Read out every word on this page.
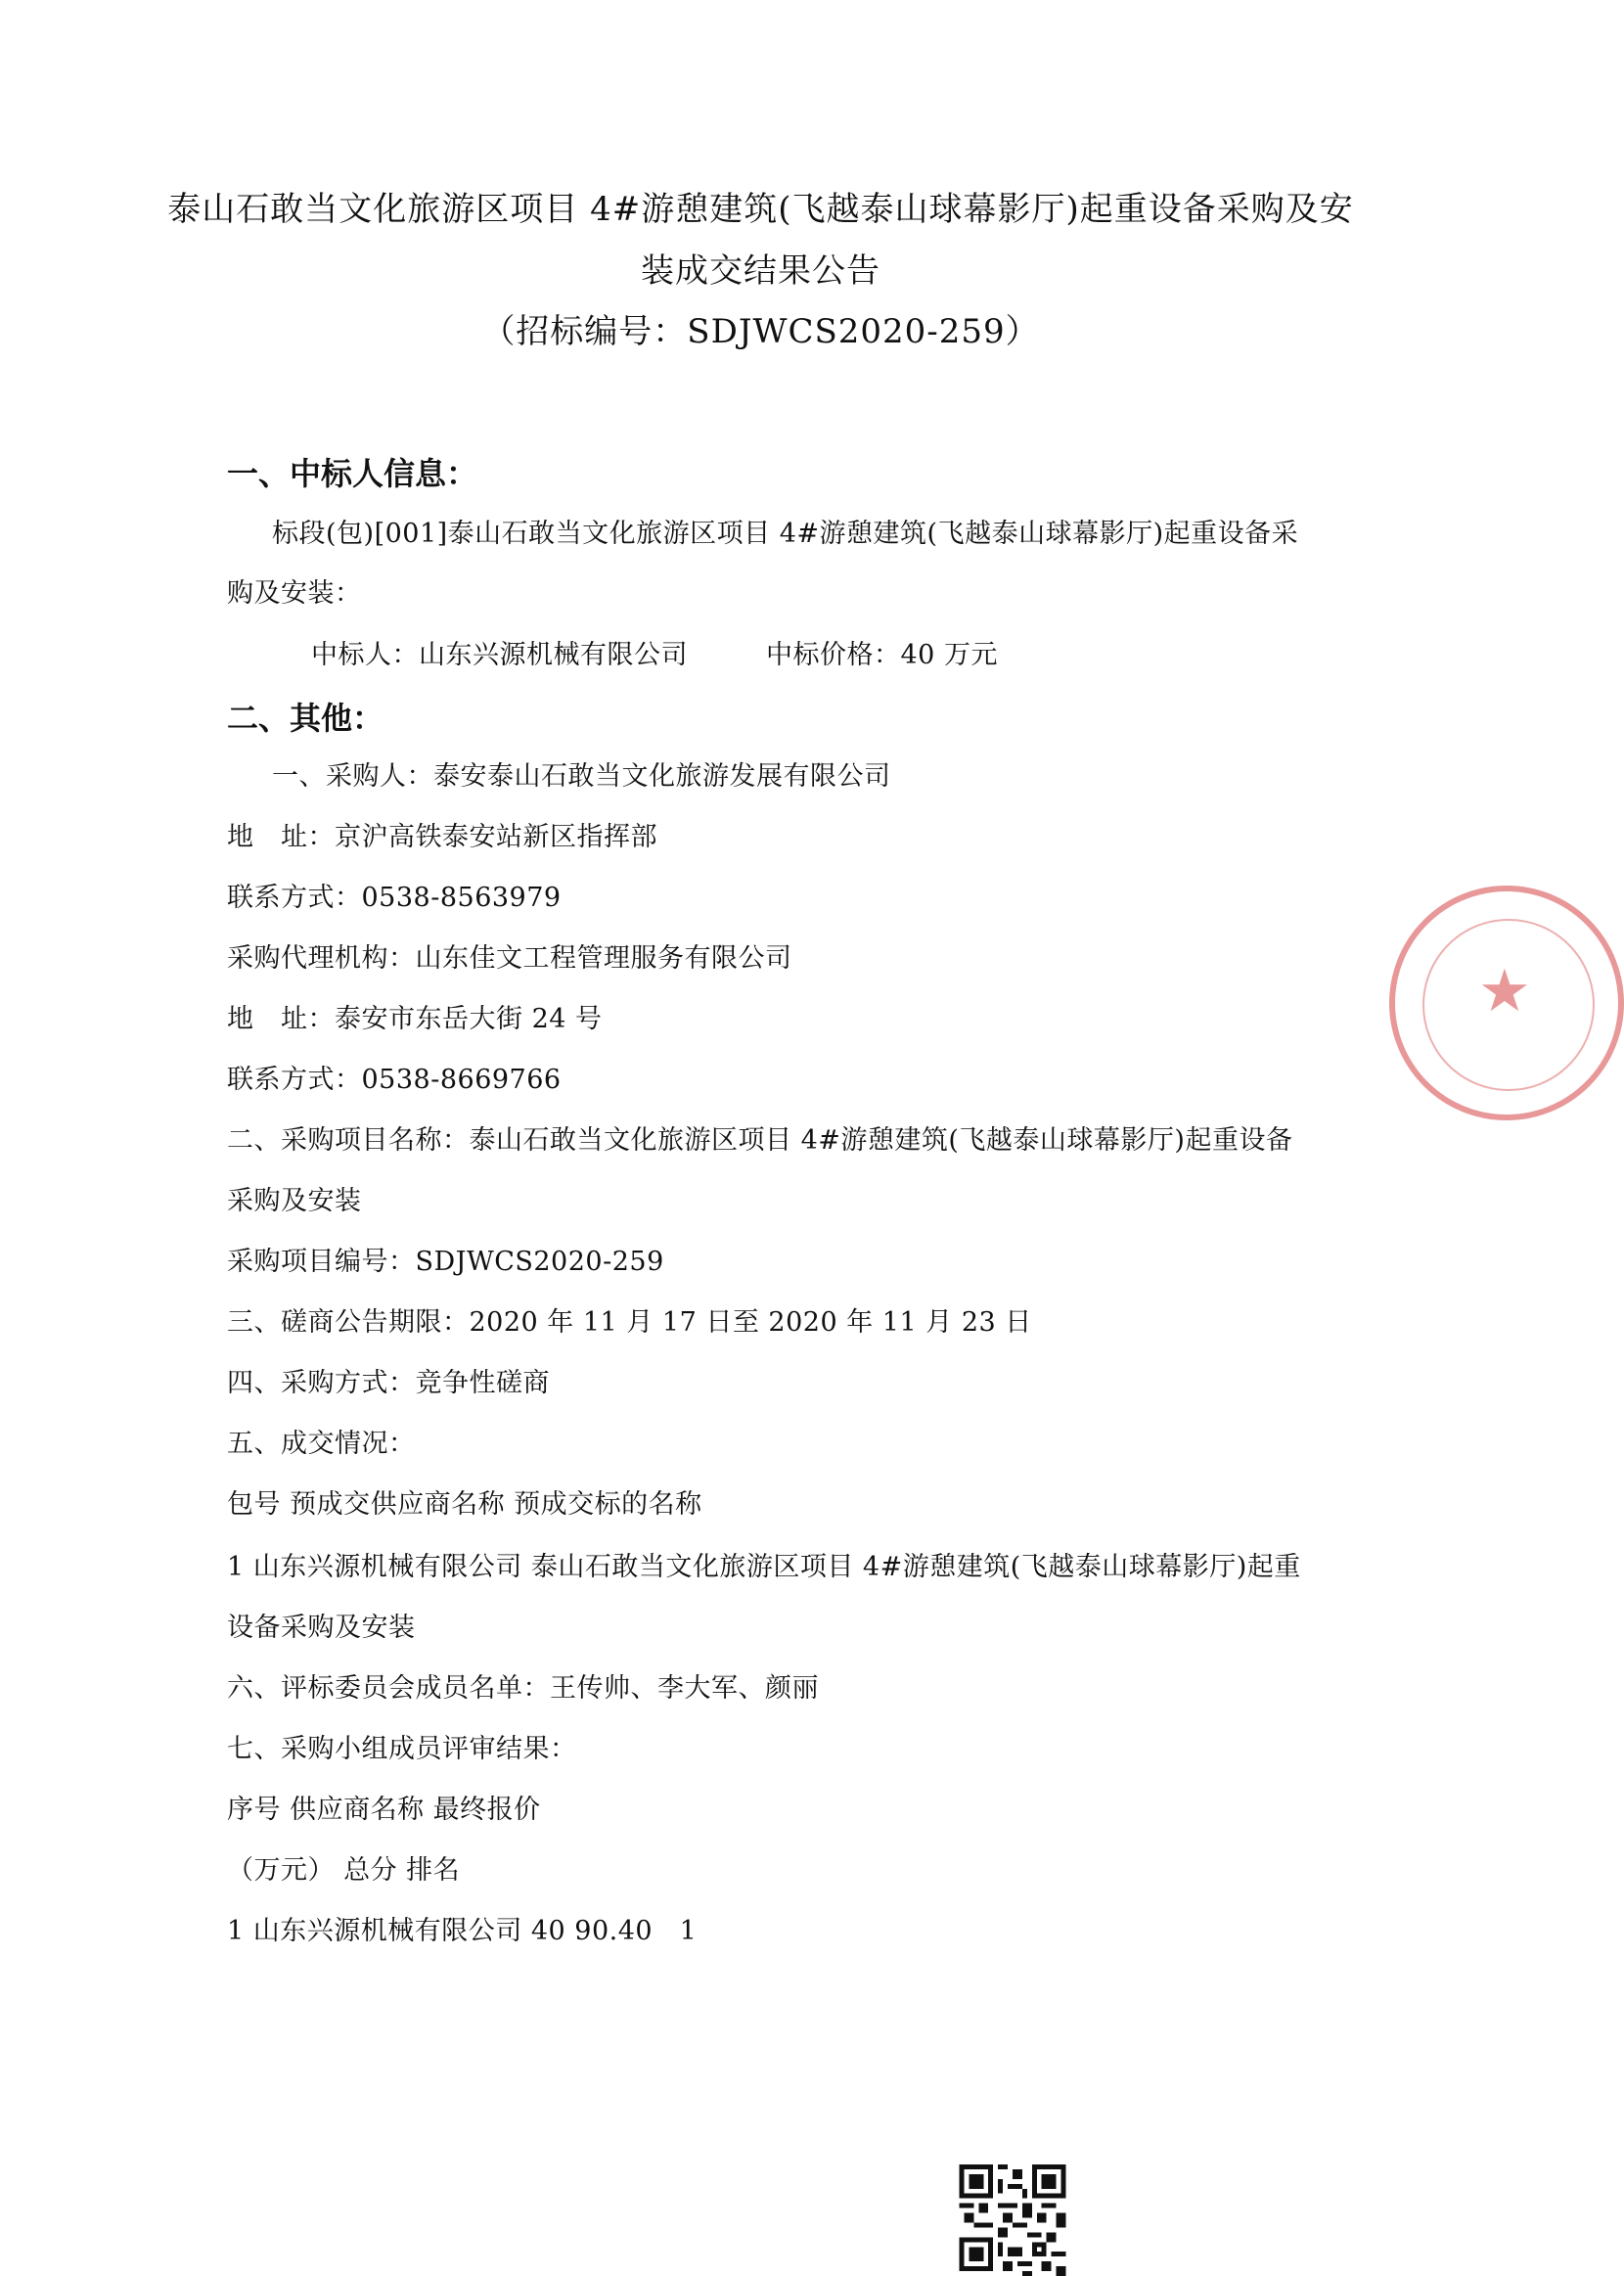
泰山石敢当文化旅游区项目 4#游憩建筑(飞越泰山球幕影厅)起重设备采购及安
装成交结果公告
（招标编号：SDJWCS2020-259）
一、中标人信息：
标段(包)[001]泰山石敢当文化旅游区项目 4#游憩建筑(飞越泰山球幕影厅)起重设备采
购及安装：
中标人：山东兴源机械有限公司	中标价格：40 万元
二、其他：
一、采购人：泰安泰山石敢当文化旅游发展有限公司
地　址：京沪高铁泰安站新区指挥部
联系方式：0538-8563979
采购代理机构：山东佳文工程管理服务有限公司
地　址：泰安市东岳大街 24 号
联系方式：0538-8669766
二、采购项目名称：泰山石敢当文化旅游区项目 4#游憩建筑(飞越泰山球幕影厅)起重设备
采购及安装
采购项目编号：SDJWCS2020-259
三、磋商公告期限：2020 年 11 月 17 日至 2020 年 11 月 23 日
四、采购方式：竞争性磋商
五、成交情况：
包号 预成交供应商名称 预成交标的名称
1 山东兴源机械有限公司 泰山石敢当文化旅游区项目 4#游憩建筑(飞越泰山球幕影厅)起重
设备采购及安装
六、评标委员会成员名单：王传帅、李大军、颜丽
七、采购小组成员评审结果：
序号 供应商名称 最终报价
（万元） 总分 排名
1 山东兴源机械有限公司 40 90.40　1
★
